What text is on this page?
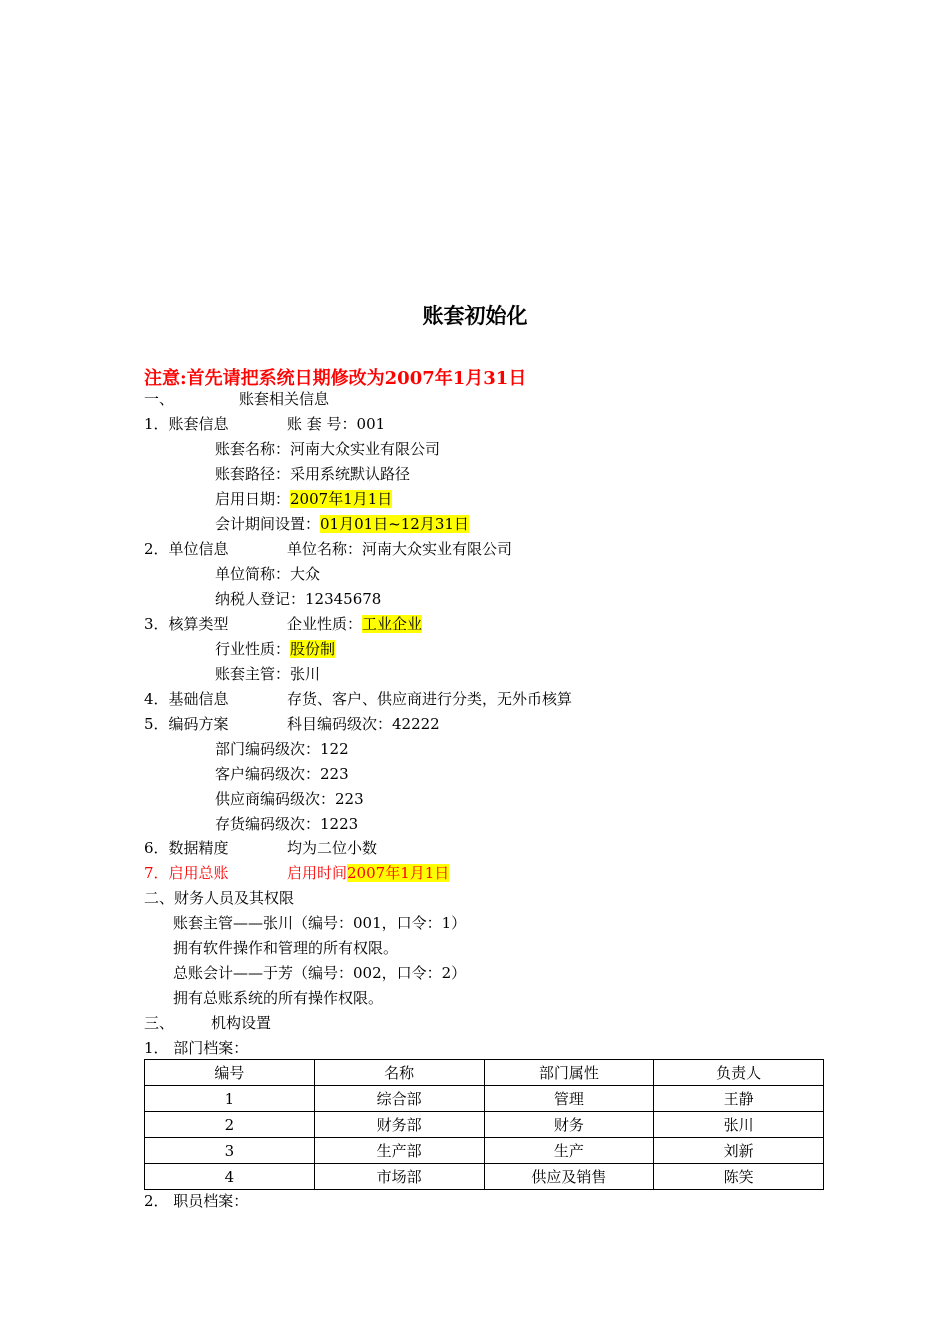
账套初始化
注意:首先请把系统日期修改为2007年1月31日
一、	账套相关信息
1．账套信息	账 套 号：001
账套名称：河南大众实业有限公司
账套路径：采用系统默认路径
启用日期：2007年1月1日
会计期间设置：01月01日~12月31日
2．单位信息	单位名称：河南大众实业有限公司
单位简称：大众
纳税人登记：12345678
3．核算类型	企业性质：工业企业
行业性质：股份制
账套主管：张川
4．基础信息	存货、客户、供应商进行分类，无外币核算
5．编码方案	科目编码级次：42222
部门编码级次：122
客户编码级次：223
供应商编码级次：223
存货编码级次：1223
6．数据精度	均为二位小数
7．启用总账	启用时间2007年1月1日
二、财务人员及其权限
账套主管——张川（编号：001，口令：1）
拥有软件操作和管理的所有权限。
总账会计——于芳（编号：002，口令：2）
拥有总账系统的所有操作权限。
三、 机构设置
1． 部门档案：
编号	名称	部门属性	负责人
1	综合部	管理	王静
2	财务部	财务	张川
3	生产部	生产	刘新
4	市场部	供应及销售	陈笑
2． 职员档案：
